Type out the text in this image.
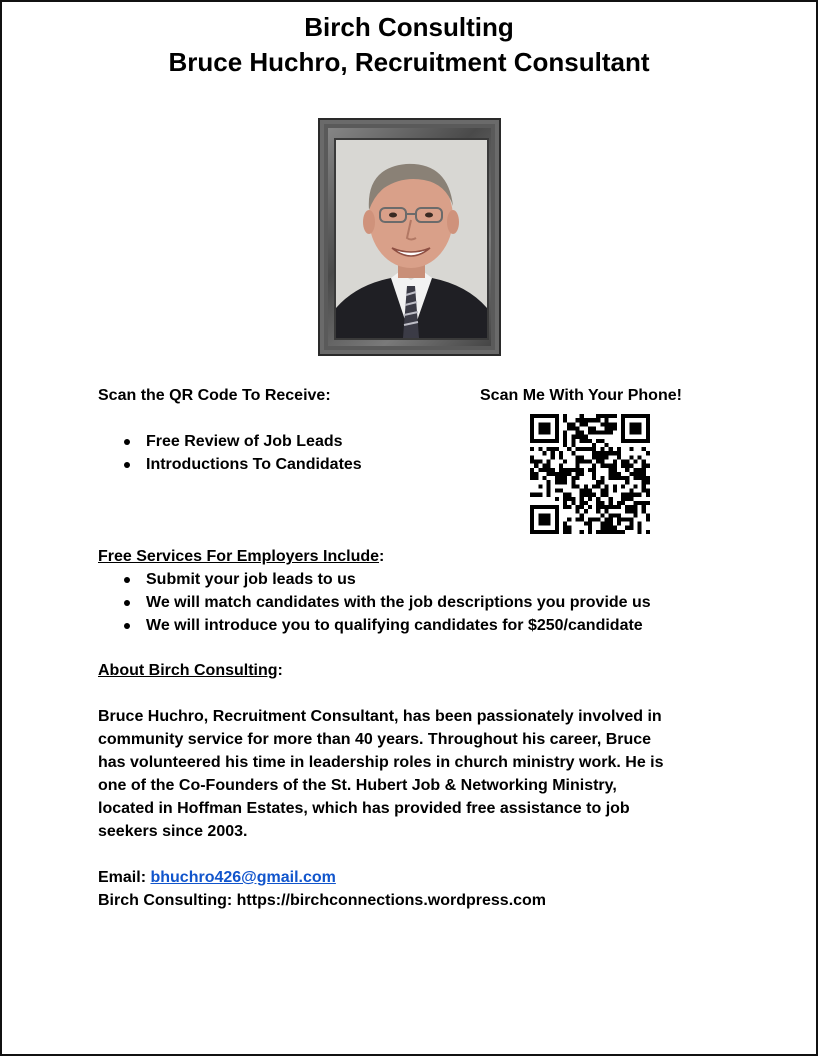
Birch Consulting
Bruce Huchro, Recruitment Consultant
Scan the QR Code To Receive:	Scan Me With Your Phone!
Free Review of Job Leads
Introductions To Candidates
Free Services For Employers Include:
Submit your job leads to us
We will match candidates with the job descriptions you provide us
We will introduce you to qualifying candidates for $250/candidate
About Birch Consulting:
Bruce Huchro, Recruitment Consultant, has been passionately involved in
community service for more than 40 years. Throughout his career, Bruce
has volunteered his time in leadership roles in church ministry work. He is
one of the Co-Founders of the St. Hubert Job & Networking Ministry,
located in Hoffman Estates, which has provided free assistance to job
seekers since 2003.
Email: bhuchro426@gmail.com
Birch Consulting: https://birchconnections.wordpress.com
